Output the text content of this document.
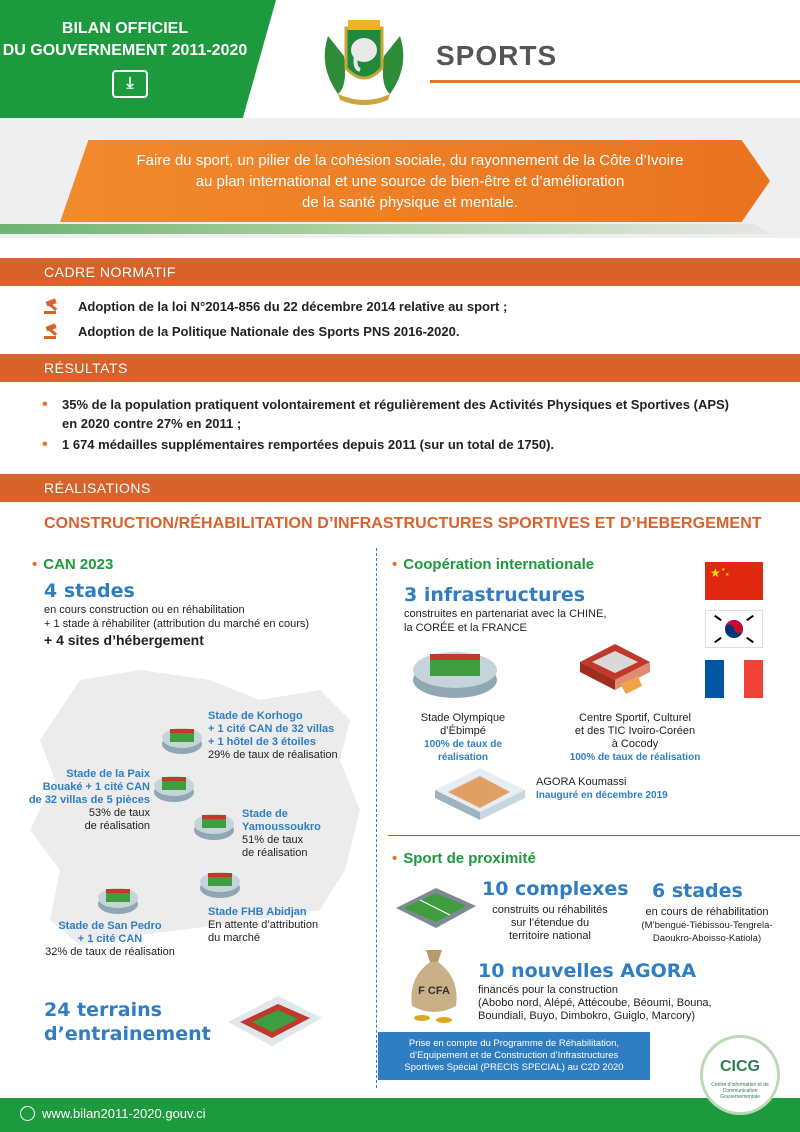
BILAN OFFICIEL
DU GOUVERNEMENT 2011-2020
⤓
SPORTS
Faire du sport, un pilier de la cohésion sociale, du rayonnement de la Côte d’Ivoire
au plan international et une source de bien-être et d’amélioration
de la santé physique et mentale.
CADRE NORMATIF
Adoption de la loi N°2014-856 du 22 décembre 2014 relative au sport ;
Adoption de la Politique Nationale des Sports PNS 2016-2020.
RÉSULTATS
• 35% de la population pratiquent volontairement et régulièrement des Activités Physiques et Sportives (APS)
en 2020 contre 27% en 2011 ;
• 1 674 médailles supplémentaires remportées depuis 2011 (sur un total de 1750).
RÉALISATIONS
CONSTRUCTION/RÉHABILITATION D’INFRASTRUCTURES SPORTIVES ET D’HEBERGEMENT
• CAN 2023
4 stades
en cours construction ou en réhabilitation
+ 1 stade à réhabiliter (attribution du marché en cours)
+ 4 sites d’hébergement
Stade de Korhogo
+ 1 cité CAN de 32 villas
+ 1 hôtel de 3 étoiles
29% de taux de réalisation
Stade de la Paix
Bouaké + 1 cité CAN
de 32 villas de 5 pièces
53% de taux
de réalisation
Stade de
Yamoussoukro
51% de taux
de réalisation
Stade FHB Abidjan
En attente d’attribution
du marché
Stade de San Pedro
+ 1 cité CAN
32% de taux de réalisation
24 terrains
d’entrainement
• Coopération internationale
3 infrastructures
construites en partenariat avec la CHINE,
la CORÉE et la FRANCE
★ ★
★
Stade Olympique
d’Ébimpé
100% de taux de réalisation
Centre Sportif, Culturel
et des TIC Ivoiro-Coréen
à Cocody
100% de taux de réalisation
AGORA Koumassi
Inauguré en décembre 2019
• Sport de proximité
10 complexes
construits ou réhabilités
sur l’étendue du
territoire national
6 stades
en cours de réhabilitation
(M’bengué-Tiébissou-Tengrela-
Daoukro-Aboisso-Katiola)
F CFA
10 nouvelles AGORA
financés pour la construction
(Abobo nord, Alépé, Attécoube, Béoumi, Bouna,
Boundiali, Buyo, Dimbokro, Guiglo, Marcory)
Prise en compte du Programme de Réhabilitation,
d’Equipement et de Construction d’Infrastructures
Sportives Spécial (PRECIS SPECIAL) au C2D 2020
www.bilan2011-2020.gouv.ci
CICG
Centre d’information et de
Communication Gouvernementale
